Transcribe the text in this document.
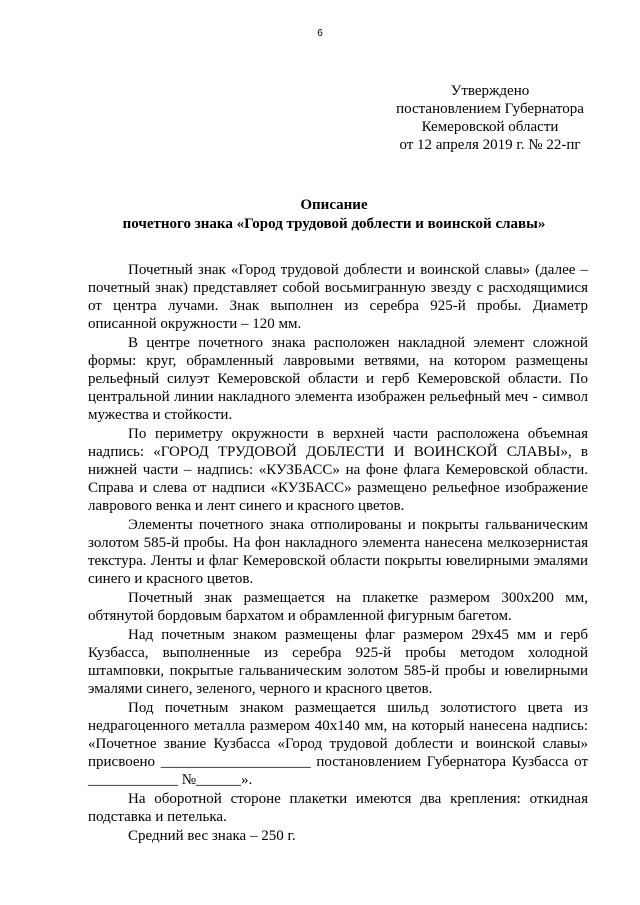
6
Утверждено
постановлением Губернатора
Кемеровской области
от 12 апреля 2019 г. № 22-пг
Описание
почетного знака «Город трудовой доблести и воинской славы»

Почетный знак «Город трудовой доблести и воинской славы» (далее – почетный знак) представляет собой восьмигранную звезду с расходящимися от центра лучами. Знак выполнен из серебра 925-й пробы. Диаметр описанной окружности – 120 мм.

В центре почетного знака расположен накладной элемент сложной формы: круг, обрамленный лавровыми ветвями, на котором размещены рельефный силуэт Кемеровской области и герб Кемеровской области. По центральной линии накладного элемента изображен рельефный меч - символ мужества и стойкости.

По периметру окружности в верхней части расположена объемная надпись: «ГОРОД ТРУДОВОЙ ДОБЛЕСТИ И ВОИНСКОЙ СЛАВЫ», в нижней части – надпись: «КУЗБАСС» на фоне флага Кемеровской области. Справа и слева от надписи «КУЗБАСС» размещено рельефное изображение лаврового венка и лент синего и красного цветов.

Элементы почетного знака отполированы и покрыты гальваническим золотом 585-й пробы. На фон накладного элемента нанесена мелкозернистая текстура. Ленты и флаг Кемеровской области покрыты ювелирными эмалями синего и красного цветов.

Почетный знак размещается на плакетке размером 300x200 мм, обтянутой бордовым бархатом и обрамленной фигурным багетом.

Над почетным знаком размещены флаг размером 29x45 мм и герб Кузбасса, выполненные из серебра 925-й пробы методом холодной штамповки, покрытые гальваническим золотом 585-й пробы и ювелирными эмалями синего, зеленого, черного и красного цветов.

Под почетным знаком размещается шильд золотистого цвета из недрагоценного металла размером 40x140 мм, на который нанесена надпись: «Почетное звание Кузбасса «Город трудовой доблести и воинской славы» присвоено ____________________ постановлением Губернатора Кузбасса от ____________ №______».

На оборотной стороне плакетки имеются два крепления: откидная подставка и петелька.

Средний вес знака – 250 г.
